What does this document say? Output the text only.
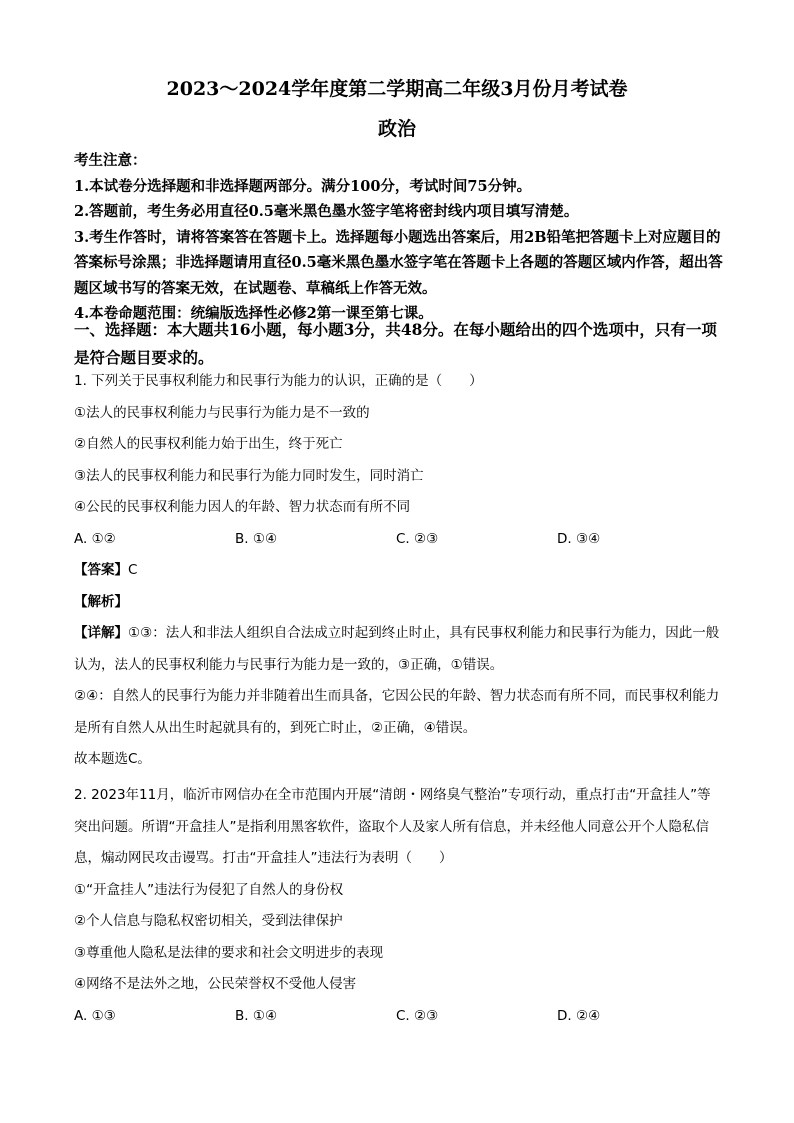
2023～2024学年度第二学期高二年级3月份月考试卷
政治

考生注意：

1.本试卷分选择题和非选择题两部分。满分100分，考试时间75分钟。

2.答题前，考生务必用直径0.5毫米黑色墨水签字笔将密封线内项目填写清楚。

3.考生作答时，请将答案答在答题卡上。选择题每小题选出答案后，用2B铅笔把答题卡上对应题目的答案标号涂黑；非选择题请用直径0.5毫米黑色墨水签字笔在答题卡上各题的答题区域内作答，超出答题区域书写的答案无效，在试题卷、草稿纸上作答无效。

4.本卷命题范围：统编版选择性必修2第一课至第七课。

一、选择题：本大题共16小题，每小题3分，共48分。在每小题给出的四个选项中，只有一项是符合题目要求的。

1. 下列关于民事权利能力和民事行为能力的认识，正确的是（　　）

①法人的民事权利能力与民事行为能力是不一致的

②自然人的民事权利能力始于出生，终于死亡

③法人的民事权利能力和民事行为能力同时发生，同时消亡

④公民的民事权利能力因人的年龄、智力状态而有所不同

A. ①②	B. ①④	C. ②③	D. ③④

【答案】C

【解析】

【详解】①③：法人和非法人组织自合法成立时起到终止时止，具有民事权利能力和民事行为能力，因此一般认为，法人的民事权利能力与民事行为能力是一致的，③正确，①错误。

②④：自然人的民事行为能力并非随着出生而具备，它因公民的年龄、智力状态而有所不同，而民事权利能力是所有自然人从出生时起就具有的，到死亡时止，②正确，④错误。

故本题选C。

2. 2023年11月，临沂市网信办在全市范围内开展“清朗・网络臭气整治”专项行动，重点打击“开盒挂人”等突出问题。所谓“开盒挂人”是指利用黑客软件，盗取个人及家人所有信息，并未经他人同意公开个人隐私信息，煽动网民攻击谩骂。打击“开盒挂人”违法行为表明（　　）

①“开盒挂人”违法行为侵犯了自然人的身份权

②个人信息与隐私权密切相关，受到法律保护

③尊重他人隐私是法律的要求和社会文明进步的表现

④网络不是法外之地，公民荣誉权不受他人侵害

A. ①③	B. ①④	C. ②③	D. ②④
